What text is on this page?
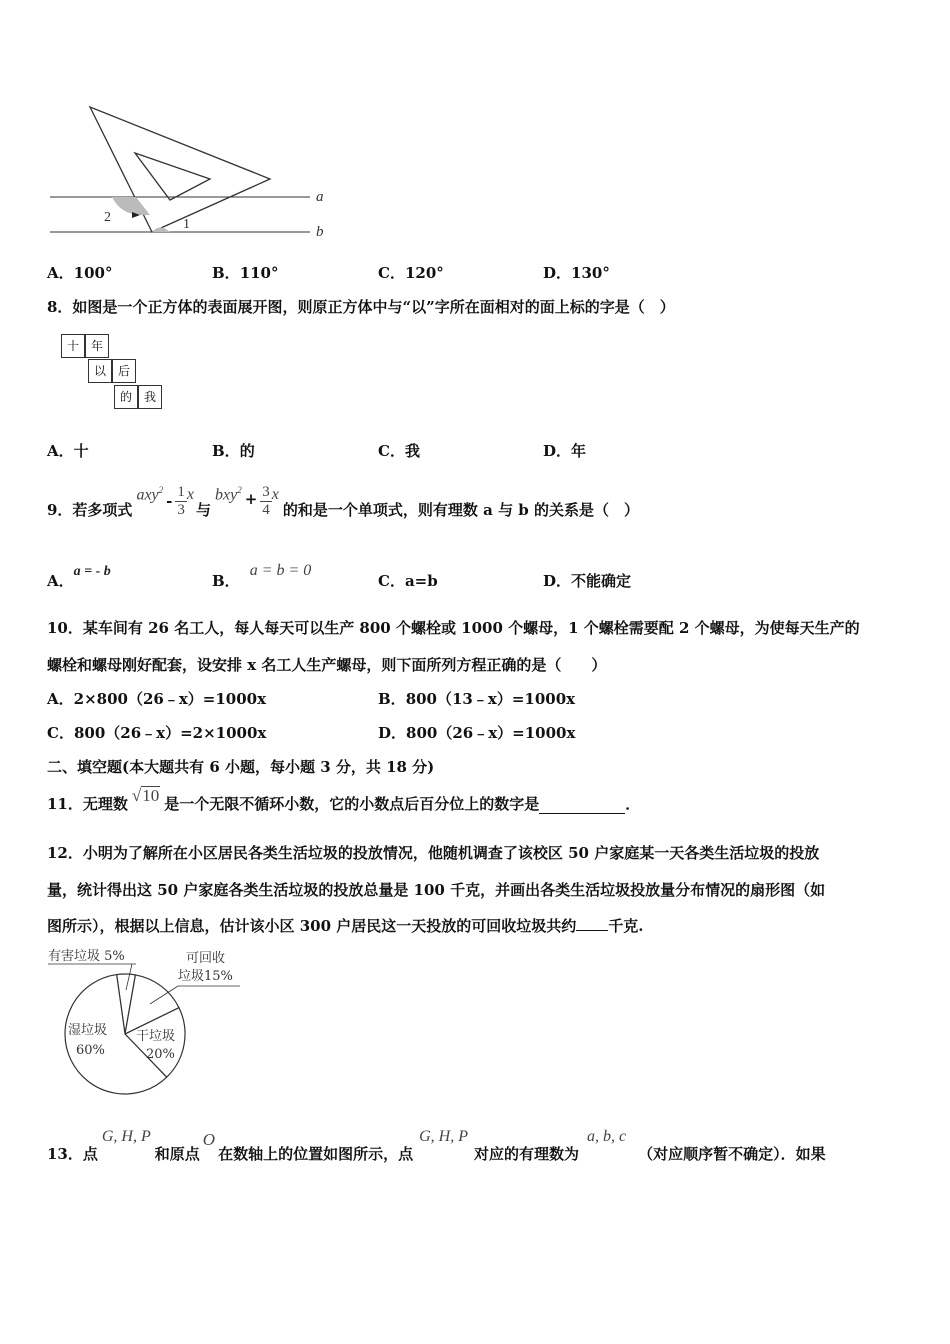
2	1
a
b
A．100°	B．110°	C．120°	D．130°
8．如图是一个正方体的表面展开图，则原正方体中与“以”字所在面相对的面上标的字是（　）
十 年
以 后
的 我
A．十	B．的	C．我	D．年
9．若多项式
axy$^2$
- $\frac{1}{3}$ x
与
$bxy^2 + \frac{3}{4}$ x
的和是一个单项式，则有理数 a 与 b 的关系是（　）
A．a = - b
B．a = b = 0
C．a=b	D．不能确定
10．某车间有 26 名工人，每人每天可以生产 800 个螺栓或 1000 个螺母，1 个螺栓需要配 2 个螺母，为使每天生产的
螺栓和螺母刚好配套，设安排 x 名工人生产螺母，则下面所列方程正确的是（　　）
A．2×800（26﹣x）=1000x	B．800（13﹣x）=1000x
C．800（26﹣x）=2×1000x	D．800（26﹣x）=1000x
二、填空题(本大题共有 6 小题，每小题 3 分，共 18 分)
11．无理数 √ 10 是一个无限不循环小数，它的小数点后百分位上的数字是	．
12．小明为了解所在小区居民各类生活垃圾的投放情况，他随机调查了该校区 50 户家庭某一天各类生活垃圾的投放
量，统计得出这 50 户家庭各类生活垃圾的投放总量是 100 千克，并画出各类生活垃圾投放量分布情况的扇形图（如
图所示），根据以上信息，估计该小区 300 户居民这一天投放的可回收垃圾共约 千克.
有害垃圾 5%	可回收
垃圾15%
湿垃圾
60%
干垃圾
20%
13．点
G, H, P
和原点
O
在数轴上的位置如图所示，点
G, H, P
对应的有理数为
a, b, c
（对应顺序暂不确定）．如果
